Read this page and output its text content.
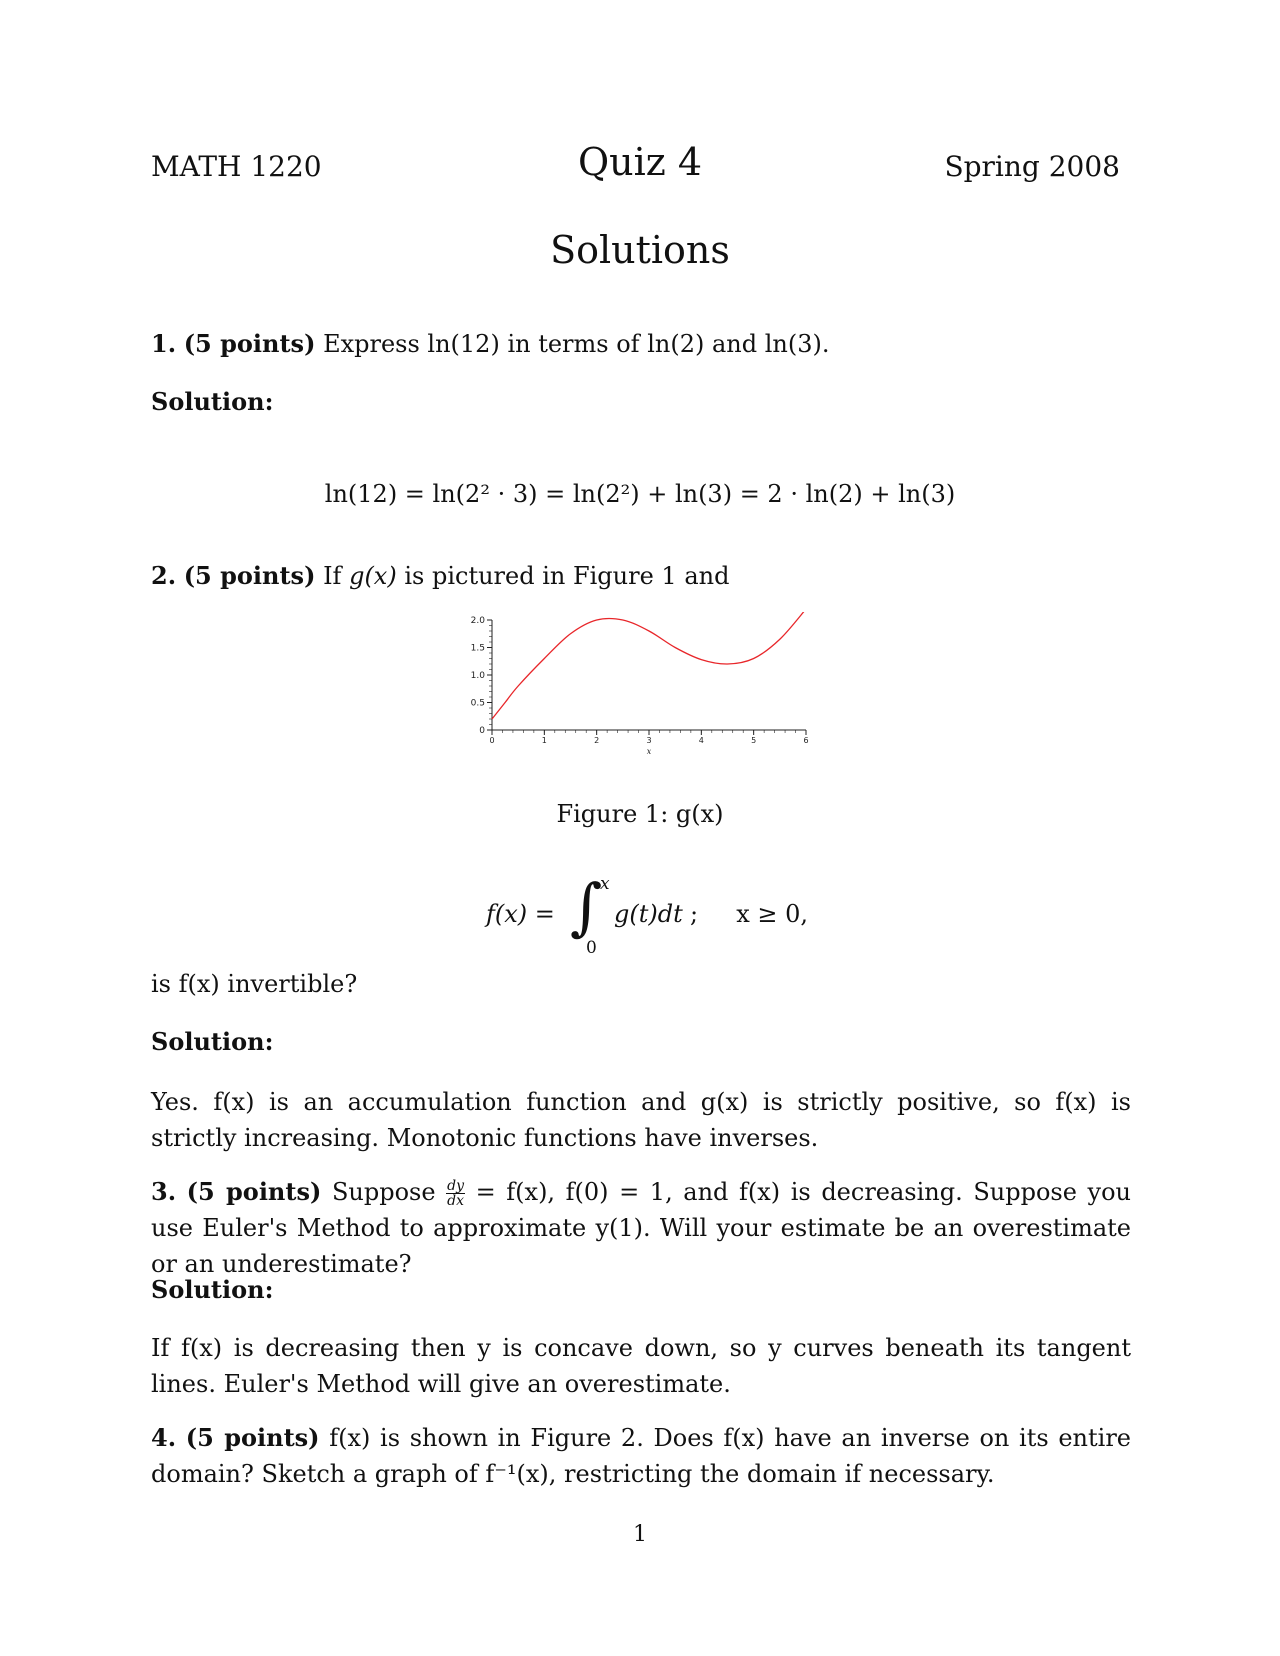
MATH 1220	Quiz 4	Spring 2008
Solutions
1. (5 points) Express ln(12) in terms of ln(2) and ln(3).
Solution:
ln(12) = ln(2² · 3) = ln(2²) + ln(3) = 2 · ln(2) + ln(3)
2. (5 points) If g(x) is pictured in Figure 1 and
0
0.5
1.0
1.5
2.0
0	1	2	3	4	5	6
x
Figure 1: g(x)
f(x) = ∫
x
0
g(t)dt ;     x ≥ 0,
is f(x) invertible?
Solution:
Yes. f(x) is an accumulation function and g(x) is strictly positive, so f(x) is strictly increasing. Monotonic functions have inverses.
3. (5 points) Suppose $\frac{dy}{dx} = f(x)$, f(0) = 1, and f(x) is decreasing. Suppose you use Euler's Method to approximate y(1). Will your estimate be an overestimate or an underestimate?
Solution:
If f(x) is decreasing then y is concave down, so y curves beneath its tangent lines. Euler's Method will give an overestimate.
4. (5 points) f(x) is shown in Figure 2. Does f(x) have an inverse on its entire domain? Sketch a graph of f⁻¹(x), restricting the domain if necessary.
1
